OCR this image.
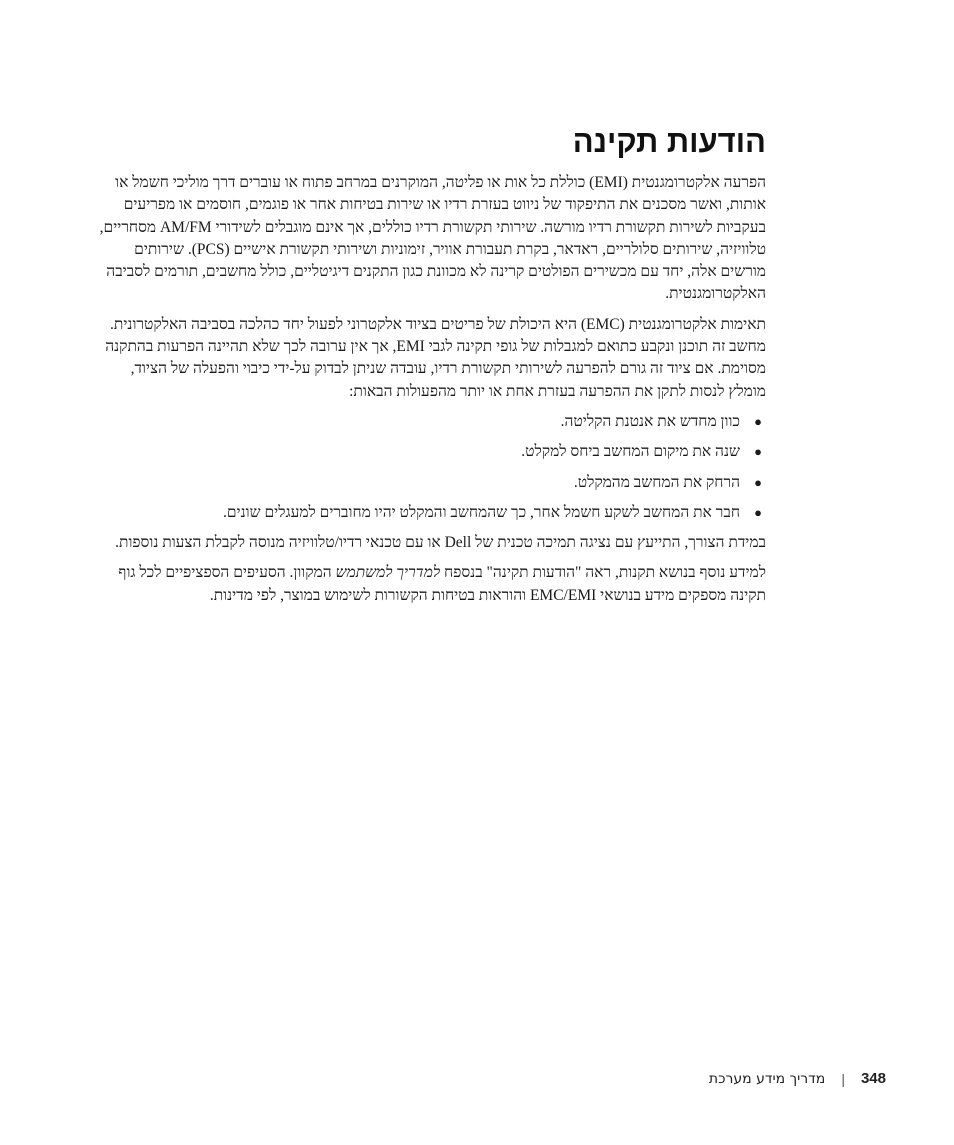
הודעות תקינה

הפרעה אלקטרומגנטית (EMI) כוללת כל אות או פליטה, המוקרנים במרחב פתוח או עוברים דרך מוליכי חשמל או אותות, ואשר מסכנים את התיפקוד של ניווט בעזרת רדיו או שירות בטיחות אחר או פוגמים, חוסמים או מפריעים בעקביות לשירות תקשורת רדיו מורשה. שירותי תקשורת רדיו כוללים, אך אינם מוגבלים לשידורי AM/FM מסחריים, טלוויזיה, שירותים סלולריים, ראדאר, בקרת תעבורת אוויר, זימוניות ושירותי תקשורת אישיים (PCS). שירותים מורשים אלה, יחד עם מכשירים הפולטים קרינה לא מכוונת כגון התקנים דיגיטליים, כולל מחשבים, תורמים לסביבה האלקטרומגנטית.

תאימות אלקטרומגנטית (EMC) היא היכולת של פריטים בציוד אלקטרוני לפעול יחד כהלכה בסביבה האלקטרונית. מחשב זה תוכנן ונקבע כתואם למגבלות של גופי תקינה לגבי EMI, אך אין ערובה לכך שלא תהיינה הפרעות בהתקנה מסוימת. אם ציוד זה גורם להפרעה לשירותי תקשורת רדיו, עובדה שניתן לבדוק על-ידי כיבוי והפעלה של הציוד, מומלץ לנסות לתקן את ההפרעה בעזרת אחת או יותר מהפעולות הבאות:

●
כוון מחדש את אנטנת הקליטה.
●
שנה את מיקום המחשב ביחס למקלט.
●
הרחק את המחשב מהמקלט.
●
חבר את המחשב לשקע חשמל אחר, כך שהמחשב והמקלט יהיו מחוברים למעגלים שונים.

במידת הצורך, התייעץ עם נציגה תמיכה טכנית של Dell או עם טכנאי רדיו/טלוויזיה מנוסה לקבלת הצעות נוספות.

למידע נוסף בנושא תקנות, ראה "הודעות תקינה" בנספח למדריך למשתמש המקוון. הסעיפים הספציפיים לכל גוף תקינה מספקים מידע בנושאי EMC/EMI והוראות בטיחות הקשורות לשימוש במוצר, לפי מדינות.

348
|
מדריך מידע מערכת
